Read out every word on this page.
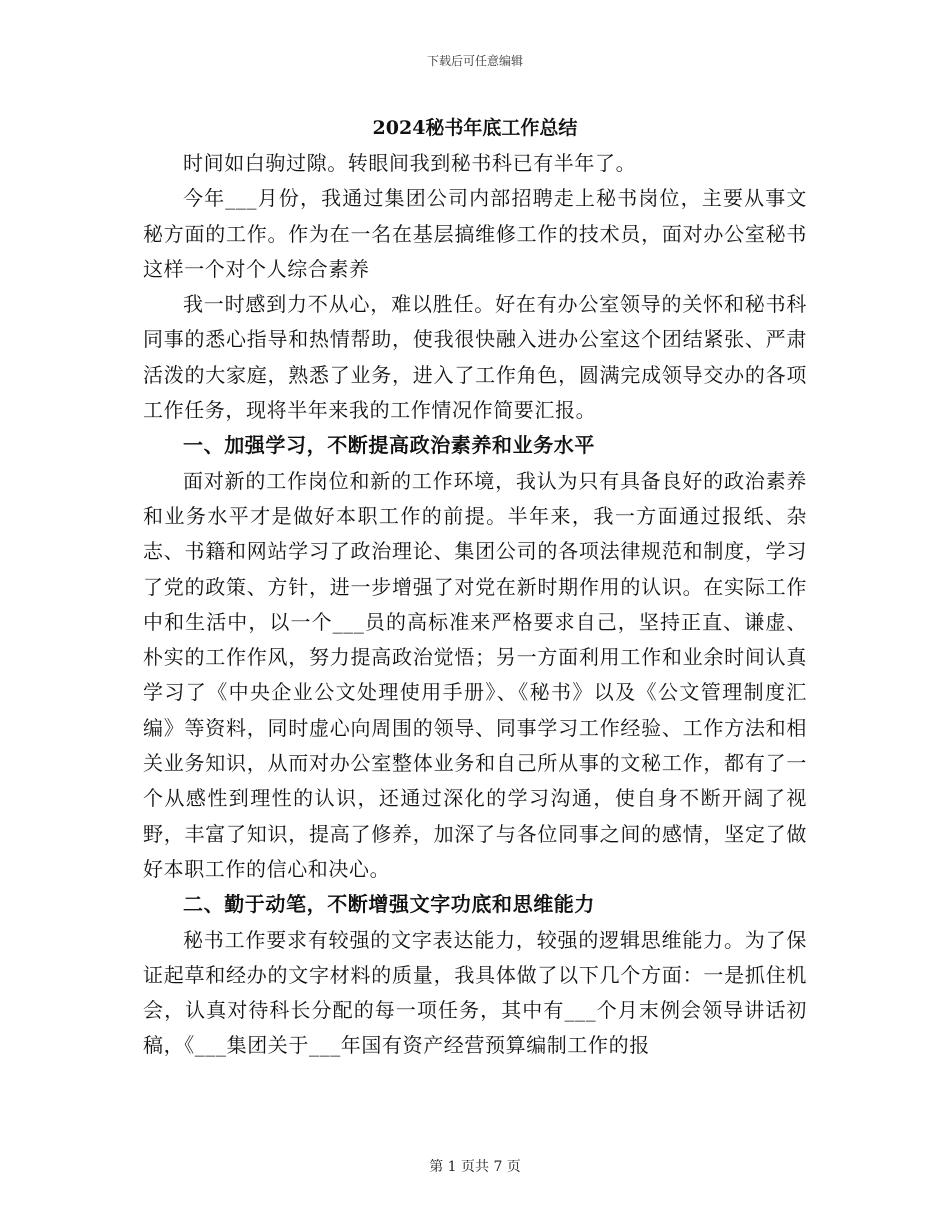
下载后可任意编辑
2024秘书年底工作总结

时间如白驹过隙。转眼间我到秘书科已有半年了。

今年___月份，我通过集团公司内部招聘走上秘书岗位，主要从事文秘方面的工作。作为在一名在基层搞维修工作的技术员，面对办公室秘书这样一个对个人综合素养

我一时感到力不从心，难以胜任。好在有办公室领导的关怀和秘书科同事的悉心指导和热情帮助，使我很快融入进办公室这个团结紧张、严肃活泼的大家庭，熟悉了业务，进入了工作角色，圆满完成领导交办的各项工作任务，现将半年来我的工作情况作简要汇报。

一、加强学习，不断提高政治素养和业务水平

面对新的工作岗位和新的工作环境，我认为只有具备良好的政治素养和业务水平才是做好本职工作的前提。半年来，我一方面通过报纸、杂志、书籍和网站学习了政治理论、集团公司的各项法律规范和制度，学习了党的政策、方针，进一步增强了对党在新时期作用的认识。在实际工作中和生活中，以一个___员的高标准来严格要求自己，坚持正直、谦虚、朴实的工作作风，努力提高政治觉悟；另一方面利用工作和业余时间认真学习了《中央企业公文处理使用手册》、《秘书》以及《公文管理制度汇编》等资料，同时虚心向周围的领导、同事学习工作经验、工作方法和相关业务知识，从而对办公室整体业务和自己所从事的文秘工作，都有了一个从感性到理性的认识，还通过深化的学习沟通，使自身不断开阔了视野，丰富了知识，提高了修养，加深了与各位同事之间的感情，坚定了做好本职工作的信心和决心。

二、勤于动笔，不断增强文字功底和思维能力

秘书工作要求有较强的文字表达能力，较强的逻辑思维能力。为了保证起草和经办的文字材料的质量，我具体做了以下几个方面：一是抓住机会，认真对待科长分配的每一项任务，其中有___个月末例会领导讲话初稿，《___集团关于___年国有资产经营预算编制工作的报

第 1 页共 7 页
